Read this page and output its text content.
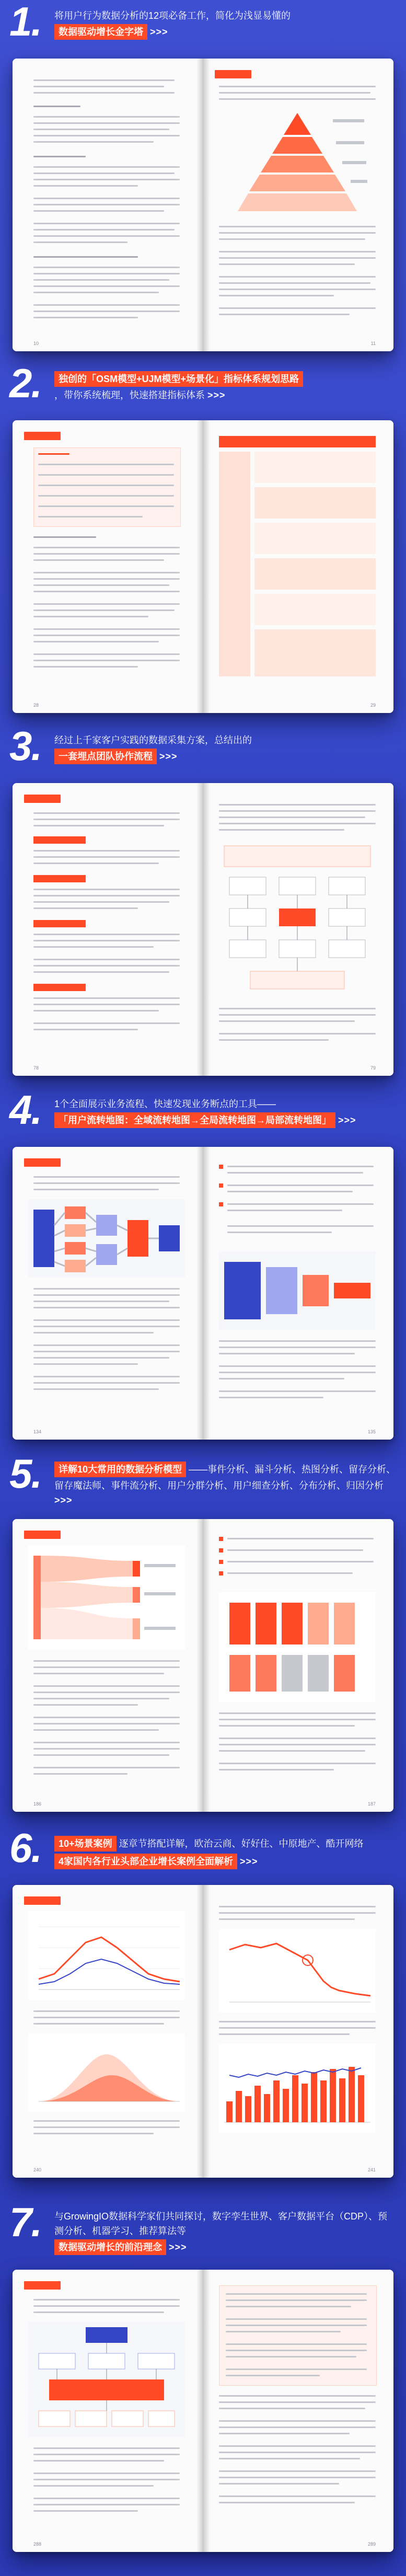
1. 将用户行为数据分析的12项必备工作，简化为浅显易懂的
数据驱动增长金字塔 >>>
10	11
2.	独创的「OSM模型+UJM模型+场景化」指标体系规划思路
，带你系统梳理，快速搭建指标体系 >>>
28	29
3. 经过上千家客户实践的数据采集方案，总结出的
一套埋点团队协作流程 >>>
78	79
4. 1个全面展示业务流程、快速发现业务断点的工具—— 「用户流转地图：全域流转地图→全局流转地图→局部流转地图」 >>>
134	135
5.	详解10大常用的数据分析模型 ——事件分析、漏斗分析、热图分析、留存分析、留存魔法师、事件流分析、用户分群分析、用户细查分析、分布分析、归因分析 >>>
186	187
6.	10+场景案例 逐章节搭配详解，欧治云商、好好住、中原地产、酷开网络
4家国内各行业头部企业增长案例全面解析 >>>
240	241
7. 与GrowingIO数据科学家们共同探讨，数字孪生世界、客户数据平台（CDP）、预测分析、机器学习、推荐算法等
数据驱动增长的前沿理念 >>>
288	289
